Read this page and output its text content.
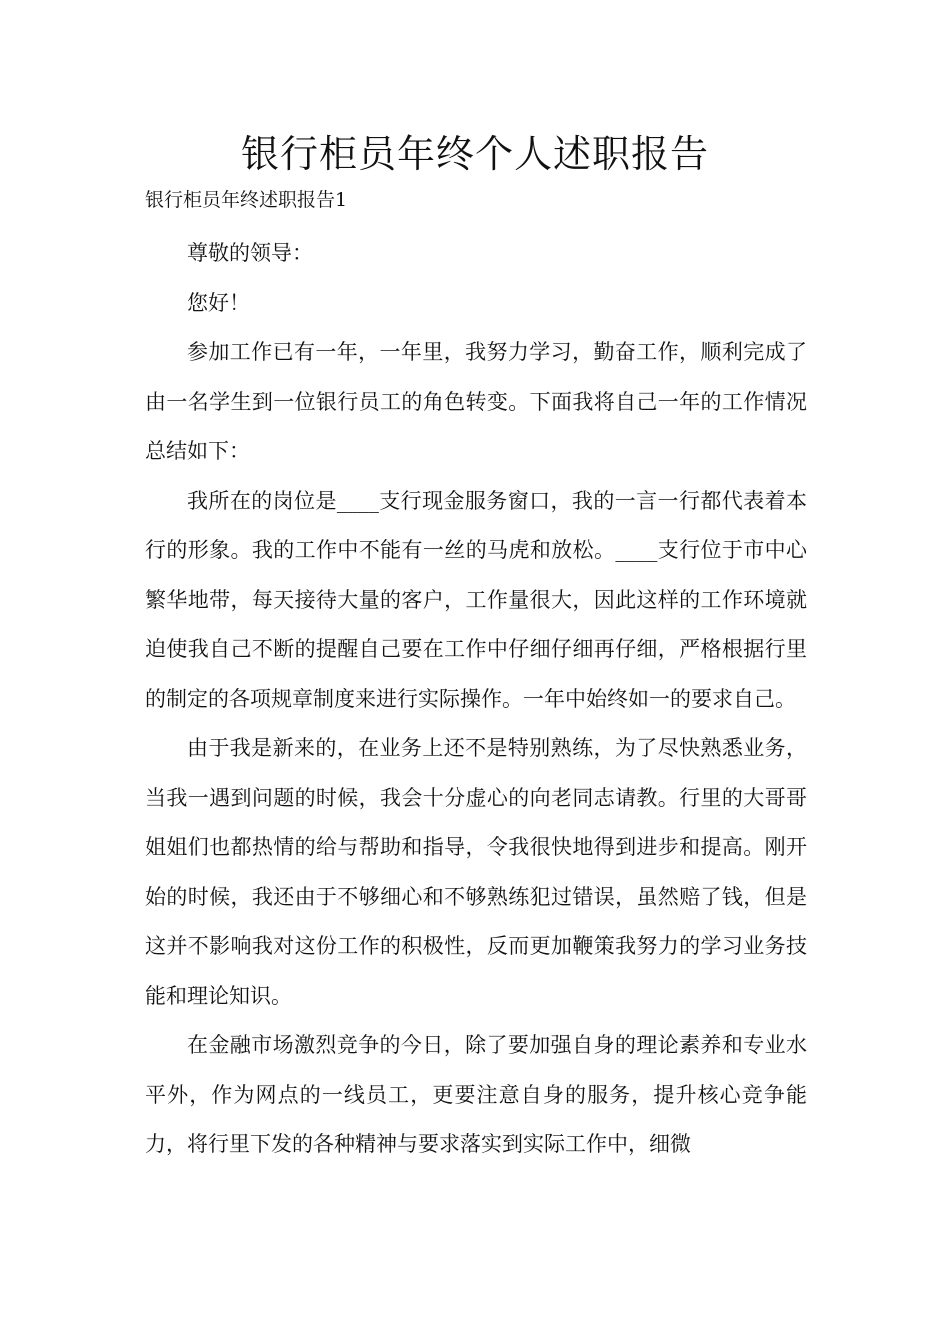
银行柜员年终个人述职报告

银行柜员年终述职报告1

尊敬的领导：

您好！

参加工作已有一年，一年里，我努力学习，勤奋工作，顺利完成了由一名学生到一位银行员工的角色转变。下面我将自己一年的工作情况总结如下：

我所在的岗位是____支行现金服务窗口，我的一言一行都代表着本行的形象。我的工作中不能有一丝的马虎和放松。____支行位于市中心繁华地带，每天接待大量的客户，工作量很大，因此这样的工作环境就迫使我自己不断的提醒自己要在工作中仔细仔细再仔细，严格根据行里的制定的各项规章制度来进行实际操作。一年中始终如一的要求自己。

由于我是新来的，在业务上还不是特别熟练，为了尽快熟悉业务，当我一遇到问题的时候，我会十分虚心的向老同志请教。行里的大哥哥姐姐们也都热情的给与帮助和指导，令我很快地得到进步和提高。刚开始的时候，我还由于不够细心和不够熟练犯过错误，虽然赔了钱，但是这并不影响我对这份工作的积极性，反而更加鞭策我努力的学习业务技能和理论知识。

在金融市场激烈竞争的今日，除了要加强自身的理论素养和专业水平外，作为网点的一线员工，更要注意自身的服务，提升核心竞争能力，将行里下发的各种精神与要求落实到实际工作中，细微
